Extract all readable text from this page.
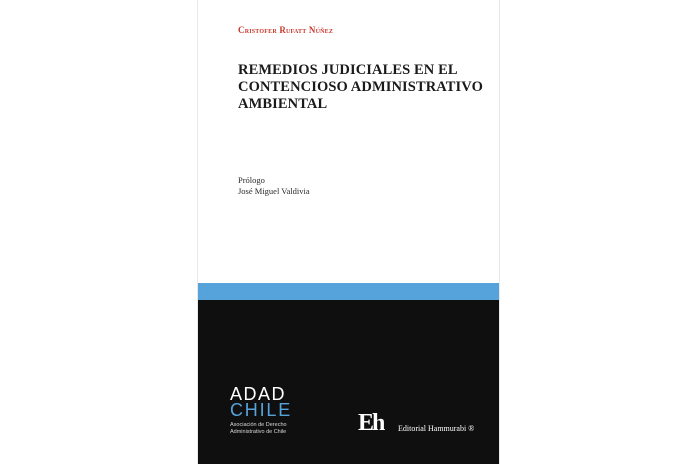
Cristofer Rufatt Núñez
REMEDIOS JUDICIALES EN EL
CONTENCIOSO ADMINISTRATIVO
AMBIENTAL
Prólogo
José Miguel Valdivia
ADAD
CHILE
Asociación de Derecho
Administrativo de Chile	Eh Editorial Hammurabi ®
